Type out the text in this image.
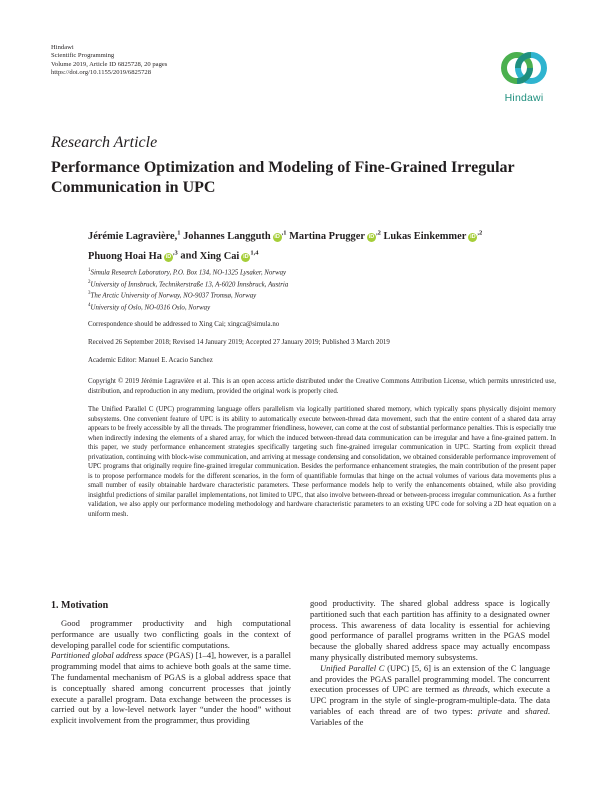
Hindawi
Scientific Programming
Volume 2019, Article ID 6825728, 20 pages
https://doi.org/10.1155/2019/6825728
Hindawi
Research Article
Performance Optimization and Modeling of Fine-Grained Irregular Communication in UPC
Jérémie Lagravière,$^1$ Johannes Langguth $iD^{,1}$ Martina Prugger $iD^{,2}$ Lukas Einkemmer $iD^{,2}$ Phuong Hoai Ha $iD^{,3}$ and Xing Cai iD$^{1,4}$
$^1$Simula Research Laboratory, P.O. Box 134, NO-1325 Lysaker, Norway
$^2$University of Innsbruck, Technikerstraße 13, A-6020 Innsbruck, Austria
$^3$The Arctic University of Norway, NO-9037 Tromsø, Norway
$^4$University of Oslo, NO-0316 Oslo, Norway
Correspondence should be addressed to Xing Cai; xingca@simula.no
Received 26 September 2018; Revised 14 January 2019; Accepted 27 January 2019; Published 3 March 2019
Academic Editor: Manuel E. Acacio Sanchez
Copyright © 2019 Jérémie Lagravière et al. This is an open access article distributed under the Creative Commons Attribution License, which permits unrestricted use, distribution, and reproduction in any medium, provided the original work is properly cited.
The Unified Parallel C (UPC) programming language offers parallelism via logically partitioned shared memory, which typically spans physically disjoint memory subsystems. One convenient feature of UPC is its ability to automatically execute between-thread data movement, such that the entire content of a shared data array appears to be freely accessible by all the threads. The programmer friendliness, however, can come at the cost of substantial performance penalties. This is especially true when indirectly indexing the elements of a shared array, for which the induced between-thread data communication can be irregular and have a fine-grained pattern. In this paper, we study performance enhancement strategies specifically targeting such fine-grained irregular communication in UPC. Starting from explicit thread privatization, continuing with block-wise communication, and arriving at message condensing and consolidation, we obtained considerable performance improvement of UPC programs that originally require fine-grained irregular communication. Besides the performance enhancement strategies, the main contribution of the present paper is to propose performance models for the different scenarios, in the form of quantifiable formulas that hinge on the actual volumes of various data movements plus a small number of easily obtainable hardware characteristic parameters. These performance models help to verify the enhancements obtained, while also providing insightful predictions of similar parallel implementations, not limited to UPC, that also involve between-thread or between-process irregular communication. As a further validation, we also apply our performance modeling methodology and hardware characteristic parameters to an existing UPC code for solving a 2D heat equation on a uniform mesh.
1. Motivation

Good programmer productivity and high computational performance are usually two conflicting goals in the context of developing parallel code for scientific computations.

Partitioned global address space (PGAS) [1–4], however, is a parallel programming model that aims to achieve both goals at the same time. The fundamental mechanism of PGAS is a global address space that is conceptually shared among concurrent processes that jointly execute a parallel program. Data exchange between the processes is carried out by a low-level network layer “under the hood” without explicit involvement from the programmer, thus providing

good productivity. The shared global address space is logically partitioned such that each partition has affinity to a designated owner process. This awareness of data locality is essential for achieving good performance of parallel programs written in the PGAS model because the globally shared address space may actually encompass many physically distributed memory subsystems.

Unified Parallel C (UPC) [5, 6] is an extension of the C language and provides the PGAS parallel programming model. The concurrent execution processes of UPC are termed as threads, which execute a UPC program in the style of single-program-multiple-data. The data variables of each thread are of two types: private and shared. Variables of the
